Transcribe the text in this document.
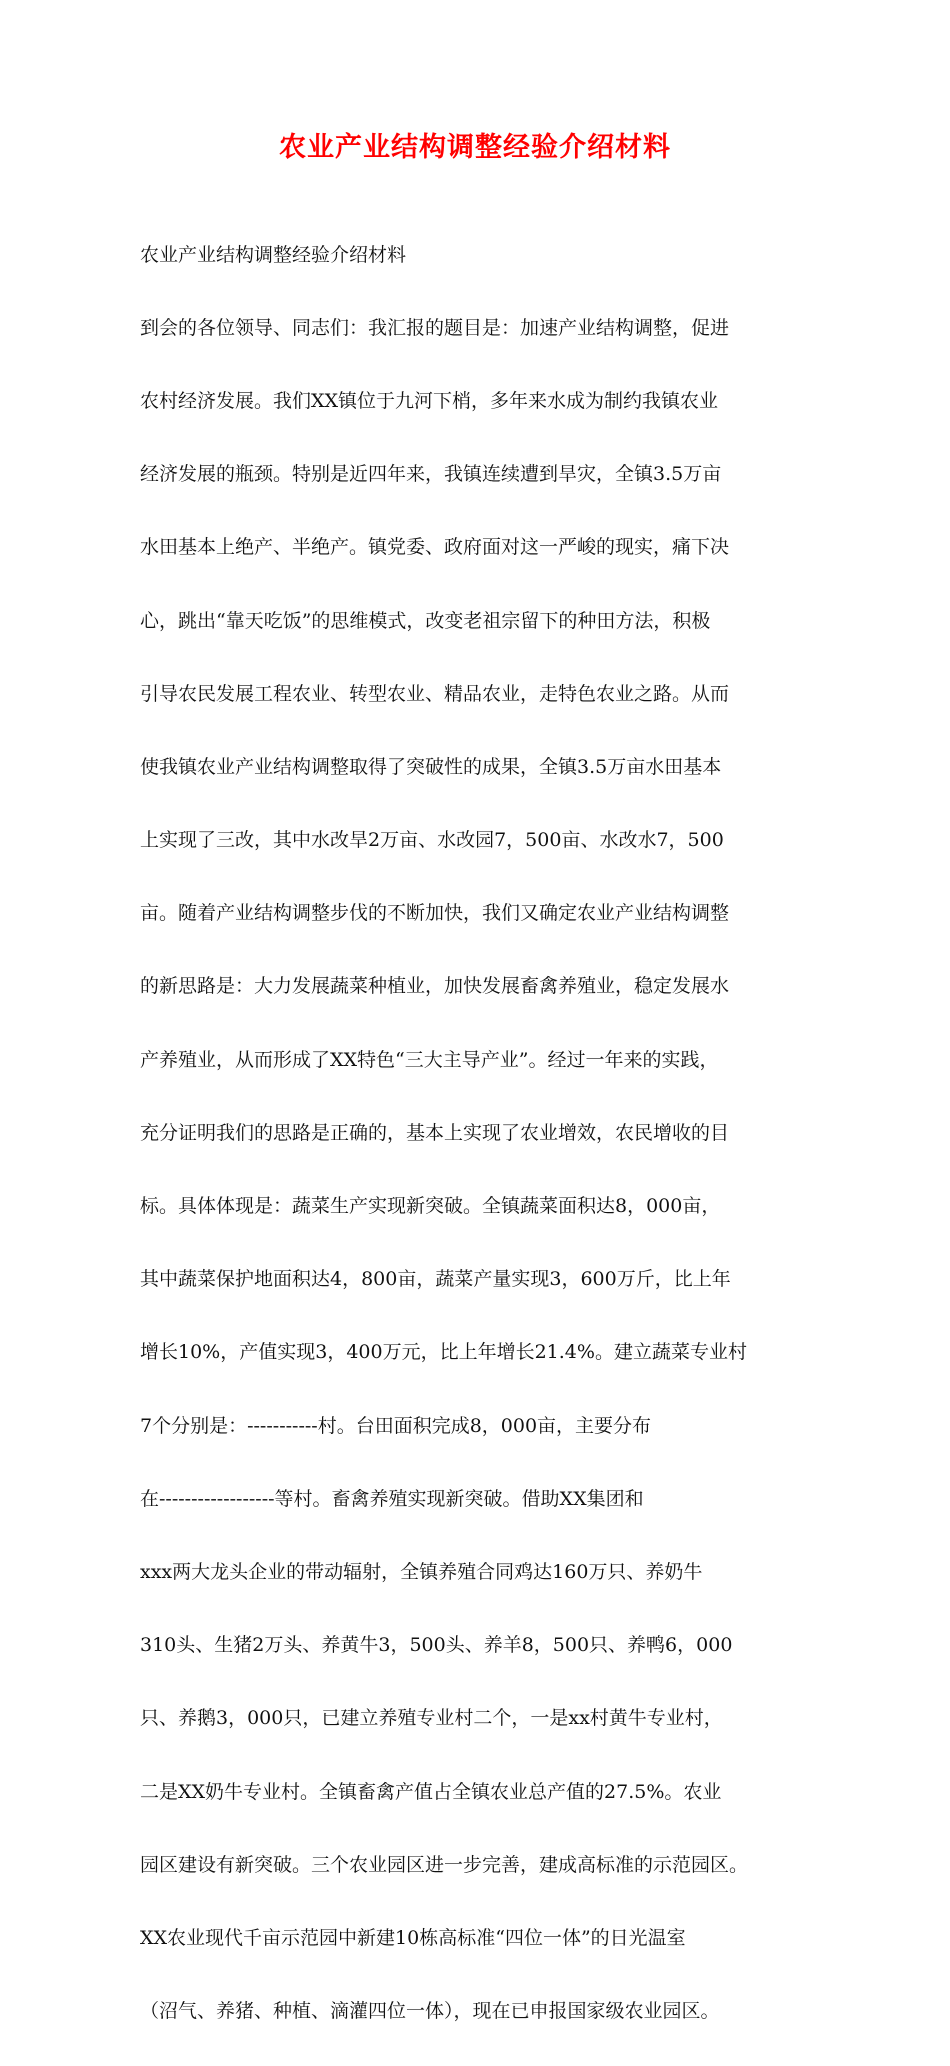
农业产业结构调整经验介绍材料

农业产业结构调整经验介绍材料

到会的各位领导、同志们：我汇报的题目是：加速产业结构调整，促进

农村经济发展。我们XX镇位于九河下梢，多年来水成为制约我镇农业

经济发展的瓶颈。特别是近四年来，我镇连续遭到旱灾，全镇3.5万亩

水田基本上绝产、半绝产。镇党委、政府面对这一严峻的现实，痛下决

心，跳出“靠天吃饭”的思维模式，改变老祖宗留下的种田方法，积极

引导农民发展工程农业、转型农业、精品农业，走特色农业之路。从而

使我镇农业产业结构调整取得了突破性的成果，全镇3.5万亩水田基本

上实现了三改，其中水改旱2万亩、水改园7，500亩、水改水7，500

亩。随着产业结构调整步伐的不断加快，我们又确定农业产业结构调整

的新思路是：大力发展蔬菜种植业，加快发展畜禽养殖业，稳定发展水

产养殖业，从而形成了XX特色“三大主导产业”。经过一年来的实践，

充分证明我们的思路是正确的，基本上实现了农业增效，农民增收的目

标。具体体现是：蔬菜生产实现新突破。全镇蔬菜面积达8，000亩，

其中蔬菜保护地面积达4，800亩，蔬菜产量实现3，600万斤，比上年

增长10%，产值实现3，400万元，比上年增长21.4%。建立蔬菜专业村

7个分别是：-----------村。台田面积完成8，000亩，主要分布

在------------------等村。畜禽养殖实现新突破。借助XX集团和

xxx两大龙头企业的带动辐射，全镇养殖合同鸡达160万只、养奶牛

310头、生猪2万头、养黄牛3，500头、养羊8，500只、养鸭6，000

只、养鹅3，000只，已建立养殖专业村二个，一是xx村黄牛专业村，

二是XX奶牛专业村。全镇畜禽产值占全镇农业总产值的27.5%。农业

园区建设有新突破。三个农业园区进一步完善，建成高标准的示范园区。

XX农业现代千亩示范园中新建10栋高标准“四位一体”的日光温室

（沼气、养猪、种植、滴灌四位一体），现在已申报国家级农业园区。
